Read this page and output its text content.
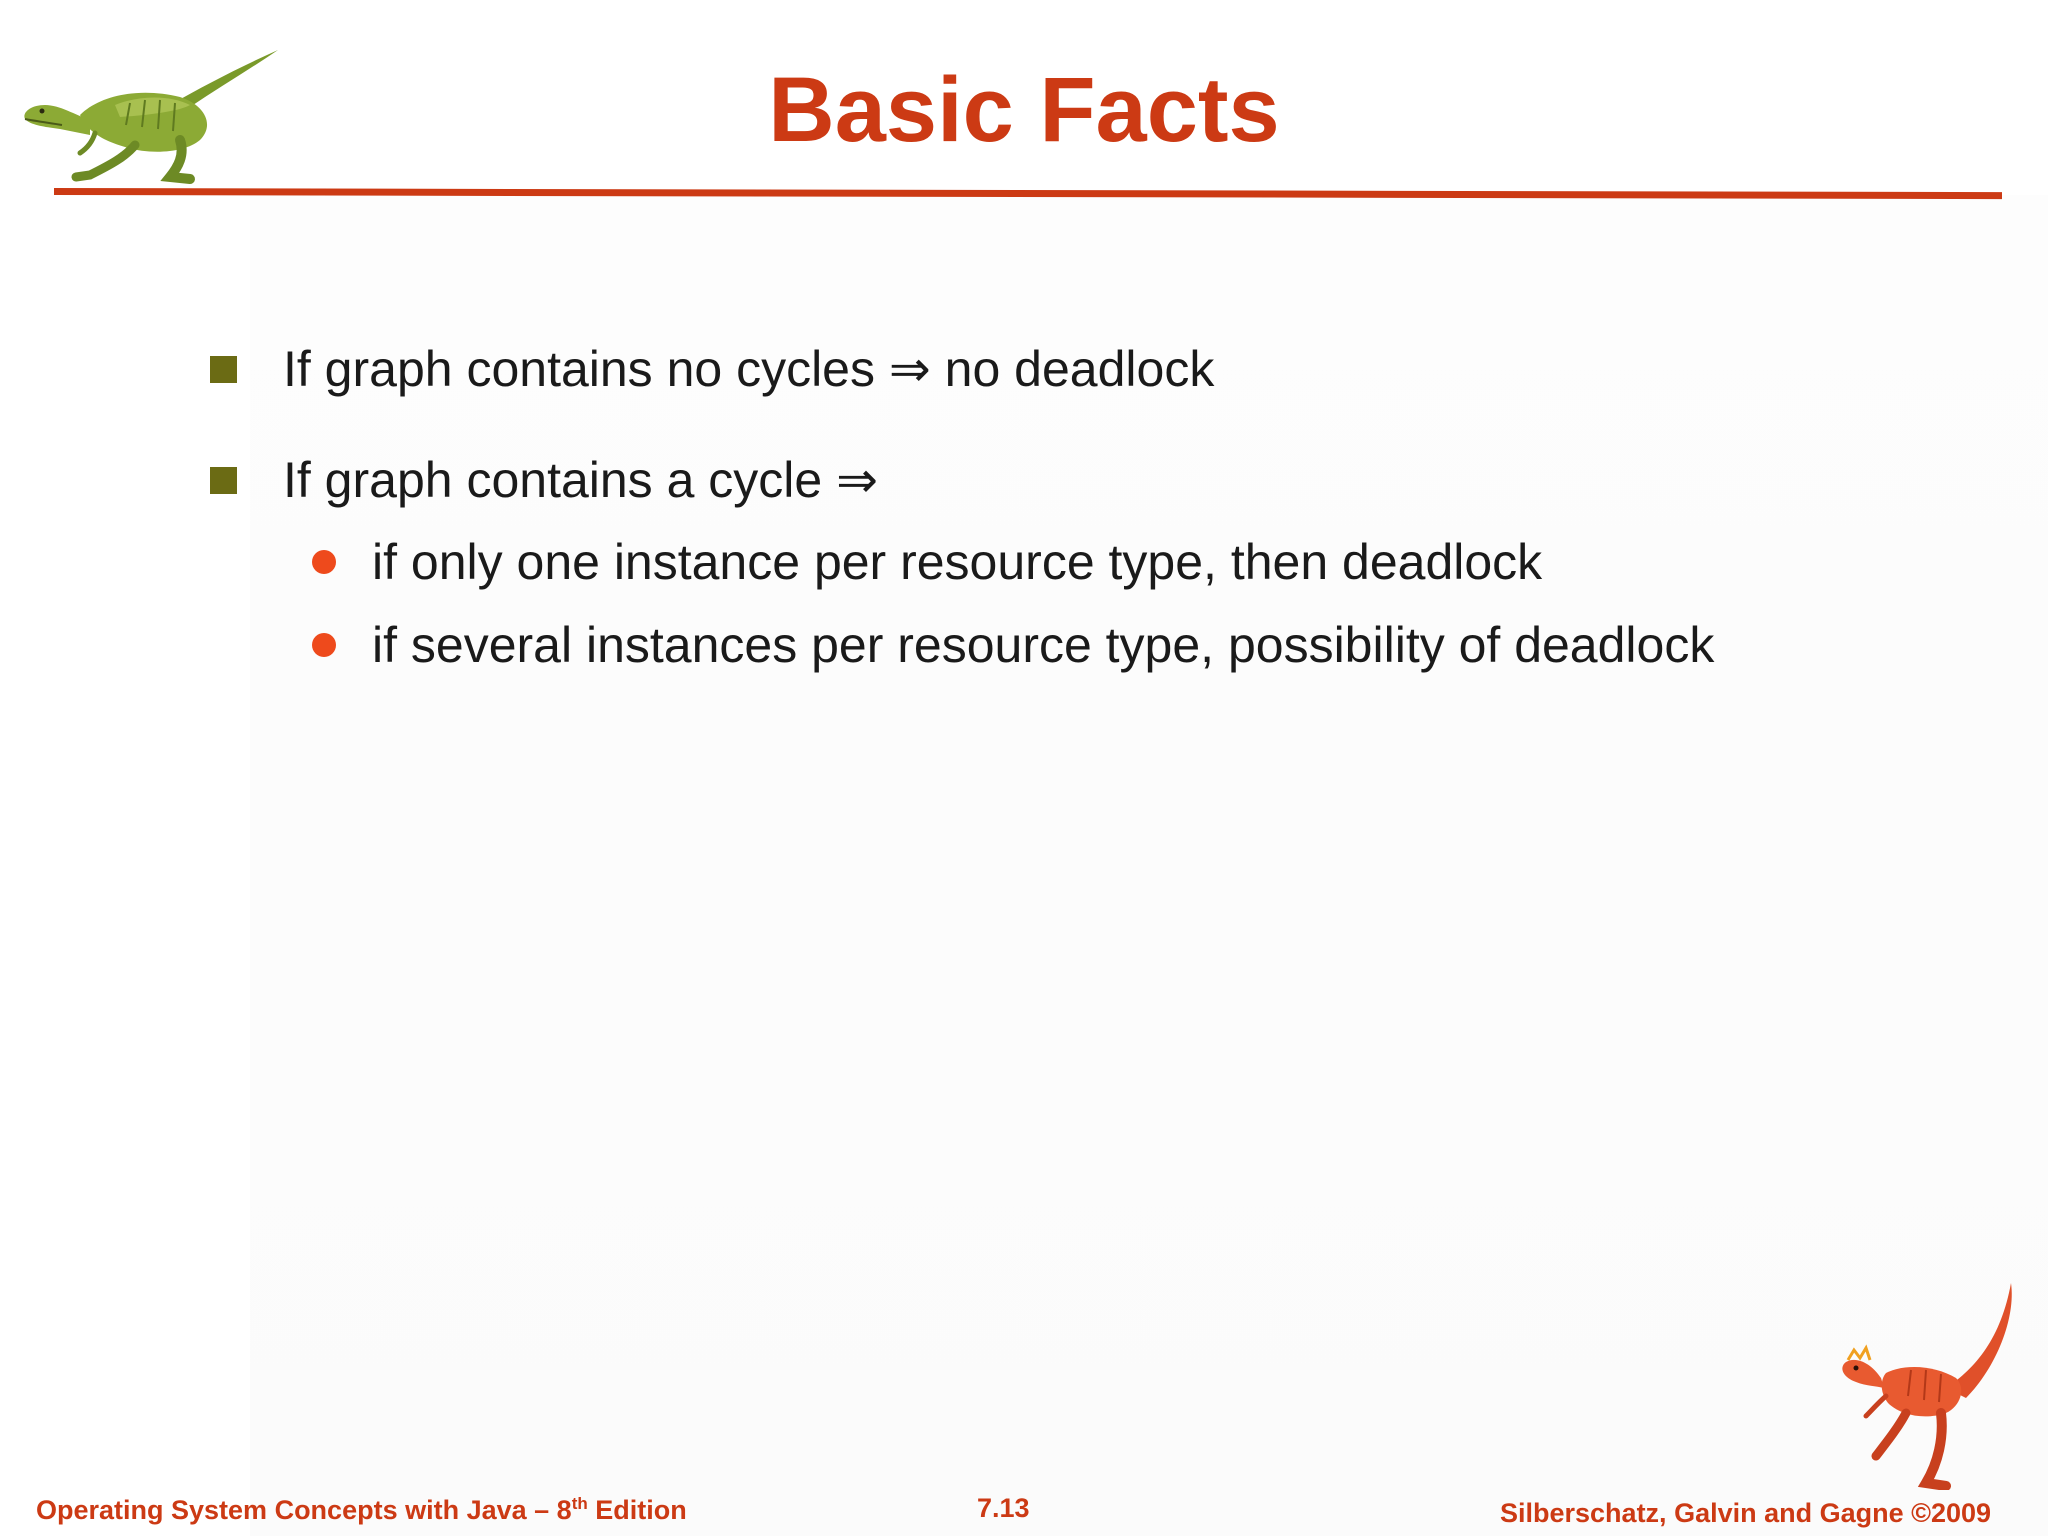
Basic Facts
If graph contains no cycles ⇒ no deadlock
If graph contains a cycle ⇒
if only one instance per resource type, then deadlock
if several instances per resource type, possibility of deadlock
Operating System Concepts with Java – 8th Edition	7.13	Silberschatz, Galvin and Gagne ©2009
